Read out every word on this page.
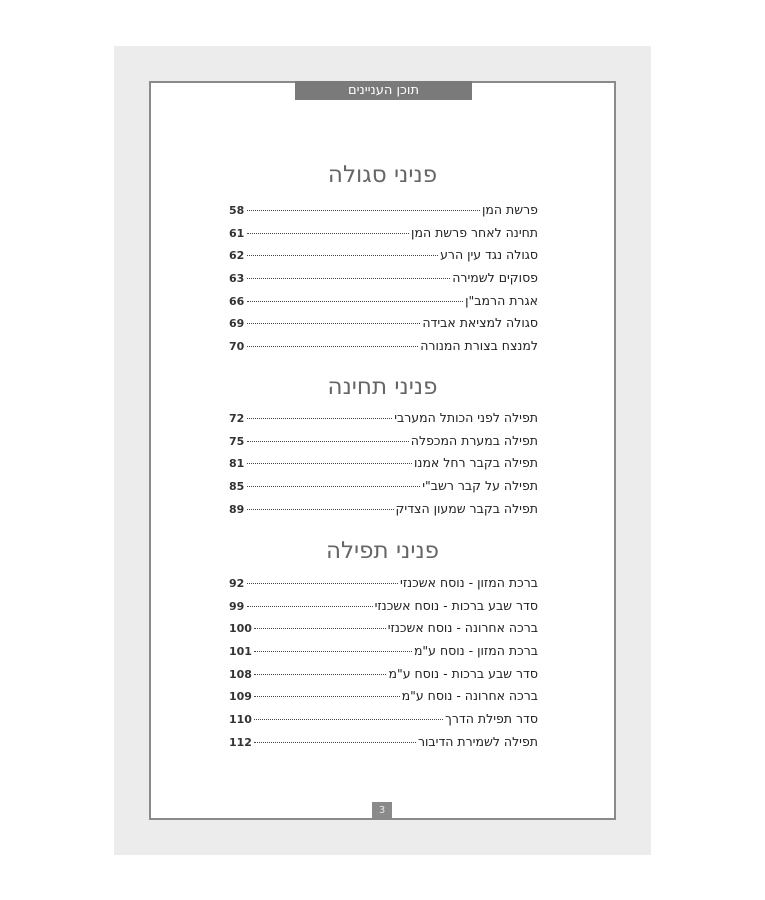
תוכן העניינים
פניני סגולה
פרשת המן
58
תחינה לאחר פרשת המן
61
סגולה נגד עין הרע
62
פסוקים לשמירה
63
אגרת הרמב"ן
66
סגולה למציאת אבידה
69
למנצח בצורת המנורה
70
פניני תחינה
תפילה לפני הכותל המערבי
72
תפילה במערת המכפלה
75
תפילה בקבר רחל אמנו
81
תפילה על קבר רשב"י
85
תפילה בקבר שמעון הצדיק
89
פניני תפילה
ברכת המזון - נוסח אשכנזי
92
סדר שבע ברכות - נוסח אשכנזי
99
ברכה אחרונה - נוסח אשכנזי
100
ברכת המזון - נוסח ע"מ
101
סדר שבע ברכות - נוסח ע"מ
108
ברכה אחרונה - נוסח ע"מ
109
סדר תפילת הדרך
110
תפילה לשמירת הדיבור
112
3
